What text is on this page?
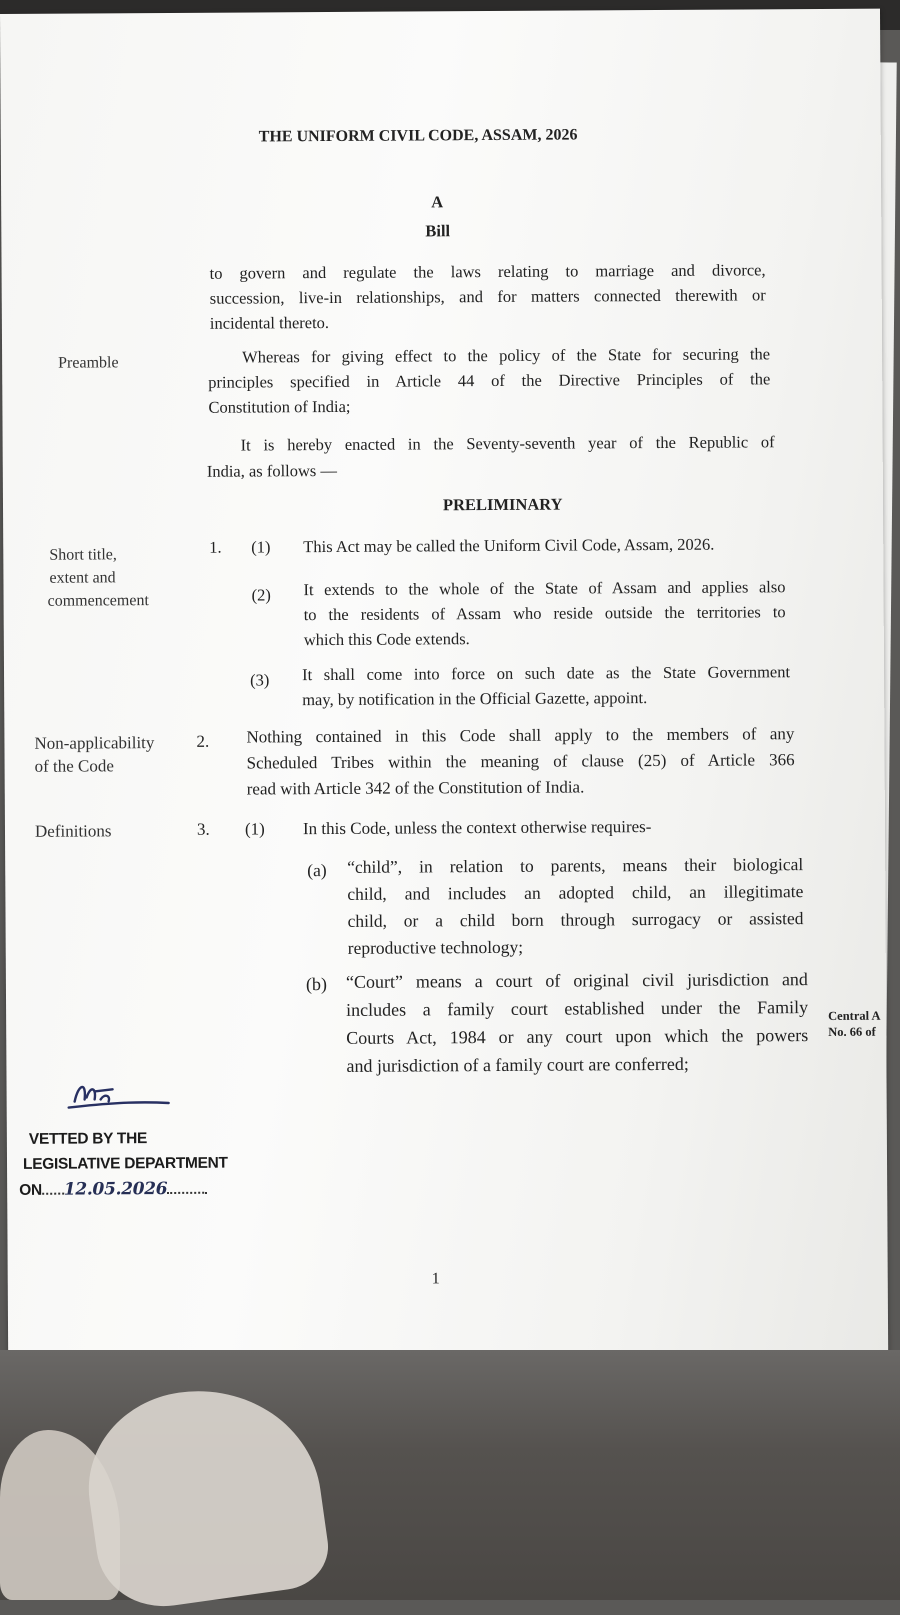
THE UNIFORM CIVIL CODE, ASSAM, 2026
A
Bill
to govern and regulate the laws relating to marriage and divorce,
succession, live-in relationships, and for matters connected therewith or
incidental thereto.
Preamble	Whereas for giving effect to the policy of the State for securing the
principles specified in Article 44 of the Directive Principles of the
Constitution of India;
It is hereby enacted in the Seventy-seventh year of the Republic of
India, as follows —
PRELIMINARY
Short title,
extent and
commencement
1. (1) This Act may be called the Uniform Civil Code, Assam, 2026.
(2) It extends to the whole of the State of Assam and applies also
to the residents of Assam who reside outside the territories to
which this Code extends.
(3) It shall come into force on such date as the State Government
may, by notification in the Official Gazette, appoint.
Non-applicability
of the Code
2. Nothing contained in this Code shall apply to the members of any
Scheduled Tribes within the meaning of clause (25) of Article 366
read with Article 342 of the Constitution of India.
Definitions	3. (1) In this Code, unless the context otherwise requires-
(a) “child”, in relation to parents, means their biological
child, and includes an adopted child, an illegitimate
child, or a child born through surrogacy or assisted
reproductive technology;
(b) “Court” means a court of original civil jurisdiction and
includes a family court established under the Family
Courts Act, 1984 or any court upon which the powers
and jurisdiction of a family court are conferred;
Central A
No. 66 of
VETTED BY THE
LEGISLATIVE DEPARTMENT
ON 12.05.2026
1
